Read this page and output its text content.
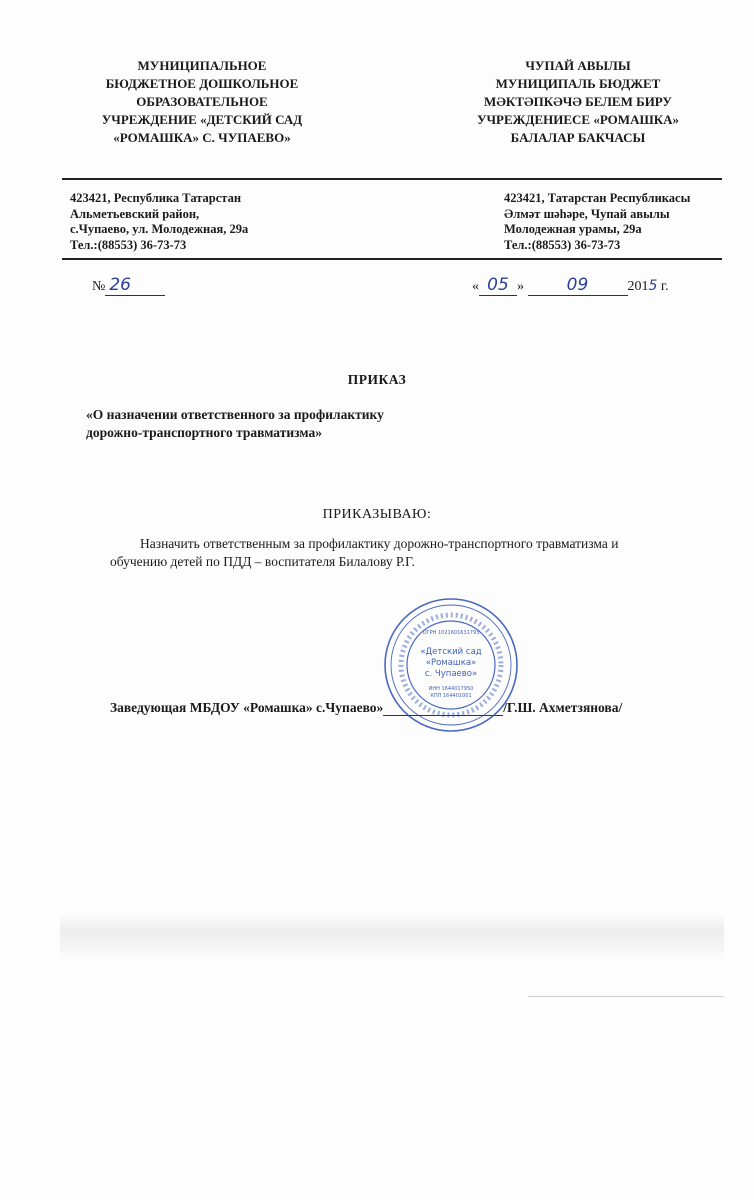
МУНИЦИПАЛЬНОЕ
БЮДЖЕТНОЕ ДОШКОЛЬНОЕ
ОБРАЗОВАТЕЛЬНОЕ
УЧРЕЖДЕНИЕ «ДЕТСКИЙ САД
«РОМАШКА» С. ЧУПАЕВО»
ЧУПАЙ АВЫЛЫ
МУНИЦИПАЛЬ БЮДЖЕТ
МӘКТӘПКӘЧӘ БЕЛЕМ БИРУ
УЧРЕЖДЕНИЕСЕ «РОМАШКА»
БАЛАЛАР БАКЧАСЫ
423421, Республика Татарстан
Альметьевский район,
с.Чупаево, ул. Молодежная, 29а
Тел.:(88553) 36-73-73
423421, Татарстан Республикасы
Әлмәт шәһәре, Чупай авылы
Молодежная урамы, 29а
Тел.:(88553) 36-73-73
№ 26	« 05 »	09	2015 г.
ПРИКАЗ
«О назначении ответственного за профилактику
дорожно-транспортного травматизма»
ПРИКАЗЫВАЮ:
Назначить ответственным за профилактику дорожно-транспортного травматизма и
обучению детей по ПДД – воспитателя Билалову Р.Г.
Заведующая МБДОУ «Ромашка» с.Чупаево»	/Г.Ш. Ахметзянова/
ОГРН 1021601631793
«Детский сад
«Ромашка»
с. Чупаево»
ИНН 1644017950
КПП 164401001
